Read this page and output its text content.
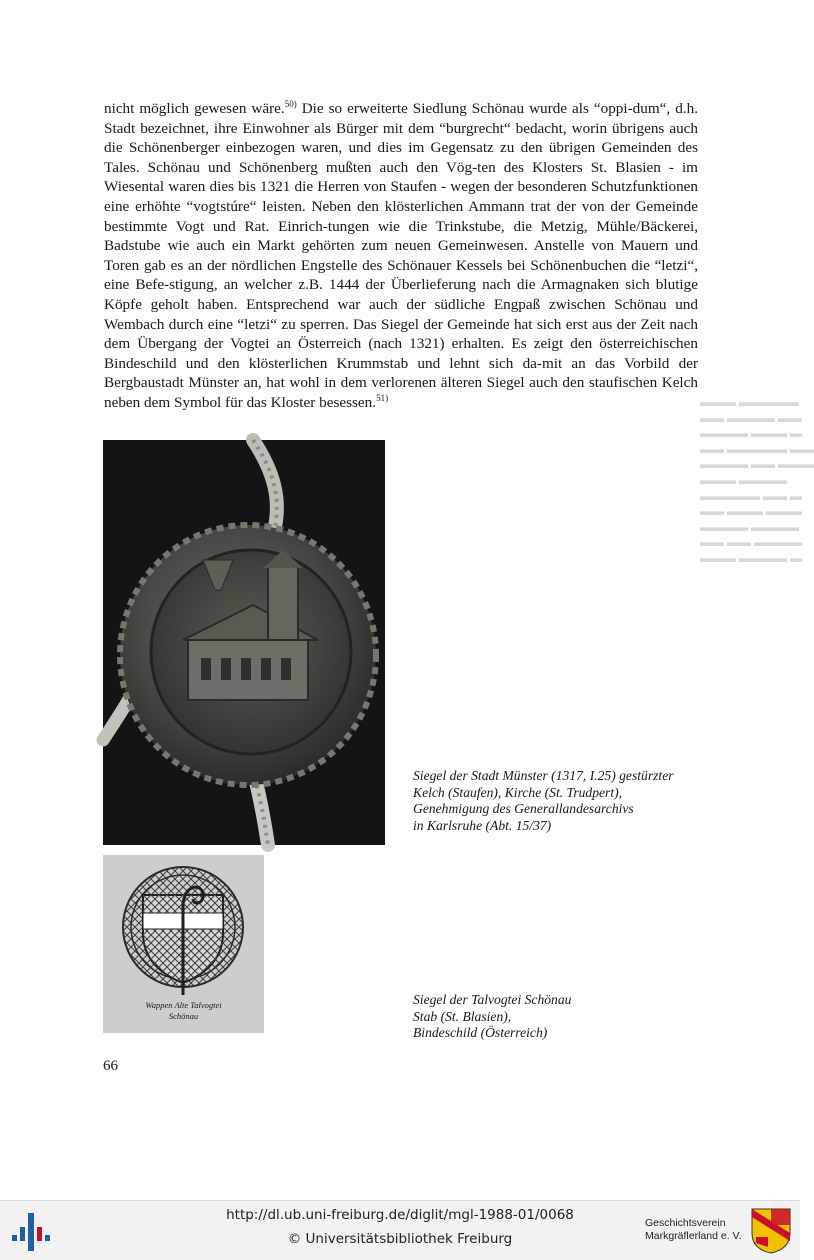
nicht möglich gewesen wäre.$^{50)}$ Die so erweiterte Siedlung Schönau wurde als “oppi-dum“, d.h. Stadt bezeichnet, ihre Einwohner als Bürger mit dem “burgrecht“ bedacht, worin übrigens auch die Schönenberger einbezogen waren, und dies im Gegensatz zu den übrigen Gemeinden des Tales. Schönau und Schönenberg mußten auch den Vög-ten des Klosters St. Blasien - im Wiesental waren dies bis 1321 die Herren von Staufen - wegen der besonderen Schutzfunktionen eine erhöhte “vogtstúre“ leisten. Neben den klösterlichen Ammann trat der von der Gemeinde bestimmte Vogt und Rat. Einrich-tungen wie die Trinkstube, die Metzig, Mühle/Bäckerei, Badstube wie auch ein Markt gehörten zum neuen Gemeinwesen. Anstelle von Mauern und Toren gab es an der nördlichen Engstelle des Schönauer Kessels bei Schönenbuchen die “letzi“, eine Befe-stigung, an welcher z.B. 1444 der Überlieferung nach die Armagnaken sich blutige Köpfe geholt haben. Entsprechend war auch der südliche Engpaß zwischen Schönau und Wembach durch eine “letzi“ zu sperren. Das Siegel der Gemeinde hat sich erst aus der Zeit nach dem Übergang der Vogtei an Österreich (nach 1321) erhalten. Es zeigt den österreichischen Bindeschild und den klösterlichen Krummstab und lehnt sich da-mit an das Vorbild der Bergbaustadt Münster an, hat wohl in dem verlorenen älteren Siegel auch den staufischen Kelch neben dem Symbol für das Kloster besessen.$^{51)}$	▬▬▬ ▬▬▬▬▬
▬▬ ▬▬▬▬ ▬▬
▬▬▬▬ ▬▬▬ ▬
▬▬ ▬▬▬▬▬ ▬▬
▬▬▬▬ ▬▬ ▬▬▬
▬▬▬ ▬▬▬▬
▬▬▬▬▬ ▬▬ ▬
▬▬ ▬▬▬ ▬▬▬
▬▬▬▬ ▬▬▬▬
▬▬ ▬▬ ▬▬▬▬
▬▬▬ ▬▬▬▬ ▬
Wappen Alte Talvogtei
Schönau
Siegel der Stadt Münster (1317, I.25) gestürzter
Kelch (Staufen), Kirche (St. Trudpert),
Genehmigung des Generallandesarchivs
in Karlsruhe (Abt. 15/37)
Siegel der Talvogtei Schönau
Stab (St. Blasien),
Bindeschild (Österreich)
66
http://dl.ub.uni-freiburg.de/diglit/mgl-1988-01/0068
© Universitätsbibliothek Freiburg
Geschichtsverein
Markgräflerland e. V.
